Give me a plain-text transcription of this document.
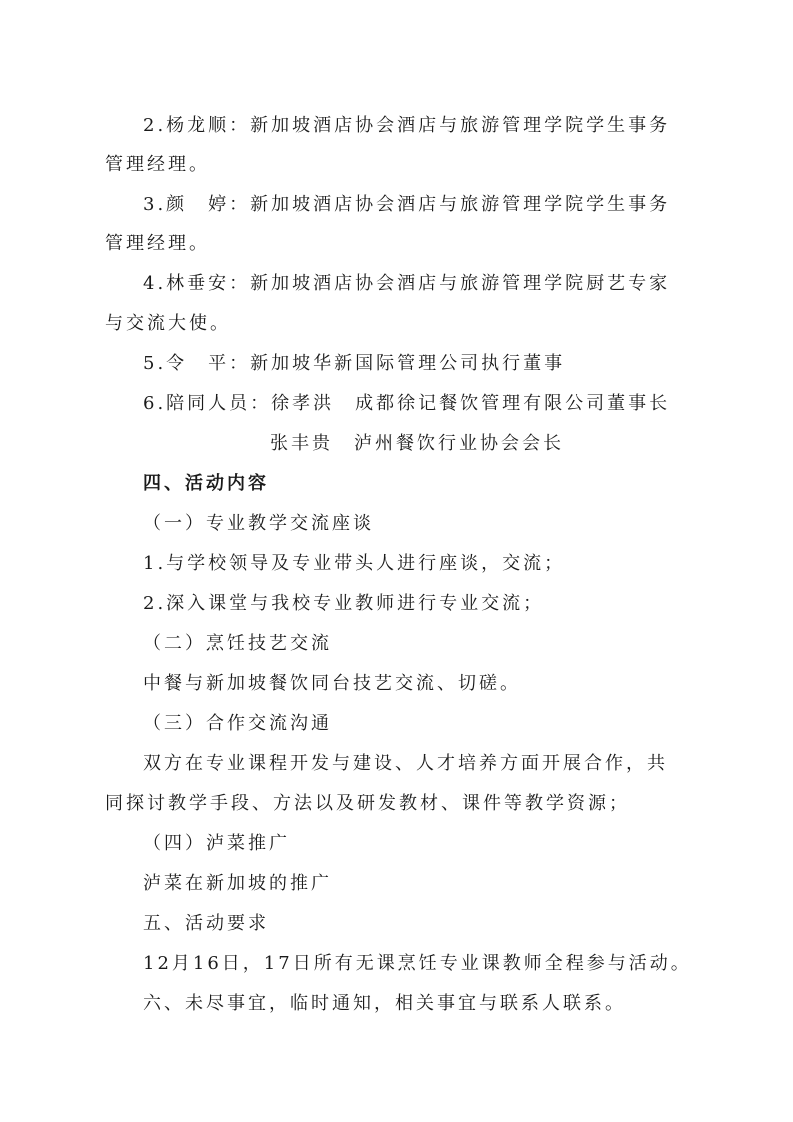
2.杨龙顺：新加坡酒店协会酒店与旅游管理学院学生事务
管理经理。
3.颜　婷：新加坡酒店协会酒店与旅游管理学院学生事务
管理经理。
4.林垂安：新加坡酒店协会酒店与旅游管理学院厨艺专家
与交流大使。
5.令　平：新加坡华新国际管理公司执行董事
6.陪同人员：徐孝洪　成都徐记餐饮管理有限公司董事长
张丰贵　泸州餐饮行业协会会长
四、活动内容
（一）专业教学交流座谈
1.与学校领导及专业带头人进行座谈，交流；
2.深入课堂与我校专业教师进行专业交流；
（二）烹饪技艺交流
中餐与新加坡餐饮同台技艺交流、切磋。
（三）合作交流沟通
双方在专业课程开发与建设、人才培养方面开展合作，共
同探讨教学手段、方法以及研发教材、课件等教学资源；
（四）泸菜推广
泸菜在新加坡的推广
五、活动要求
12月16日，17日所有无课烹饪专业课教师全程参与活动。
六、未尽事宜，临时通知，相关事宜与联系人联系。
